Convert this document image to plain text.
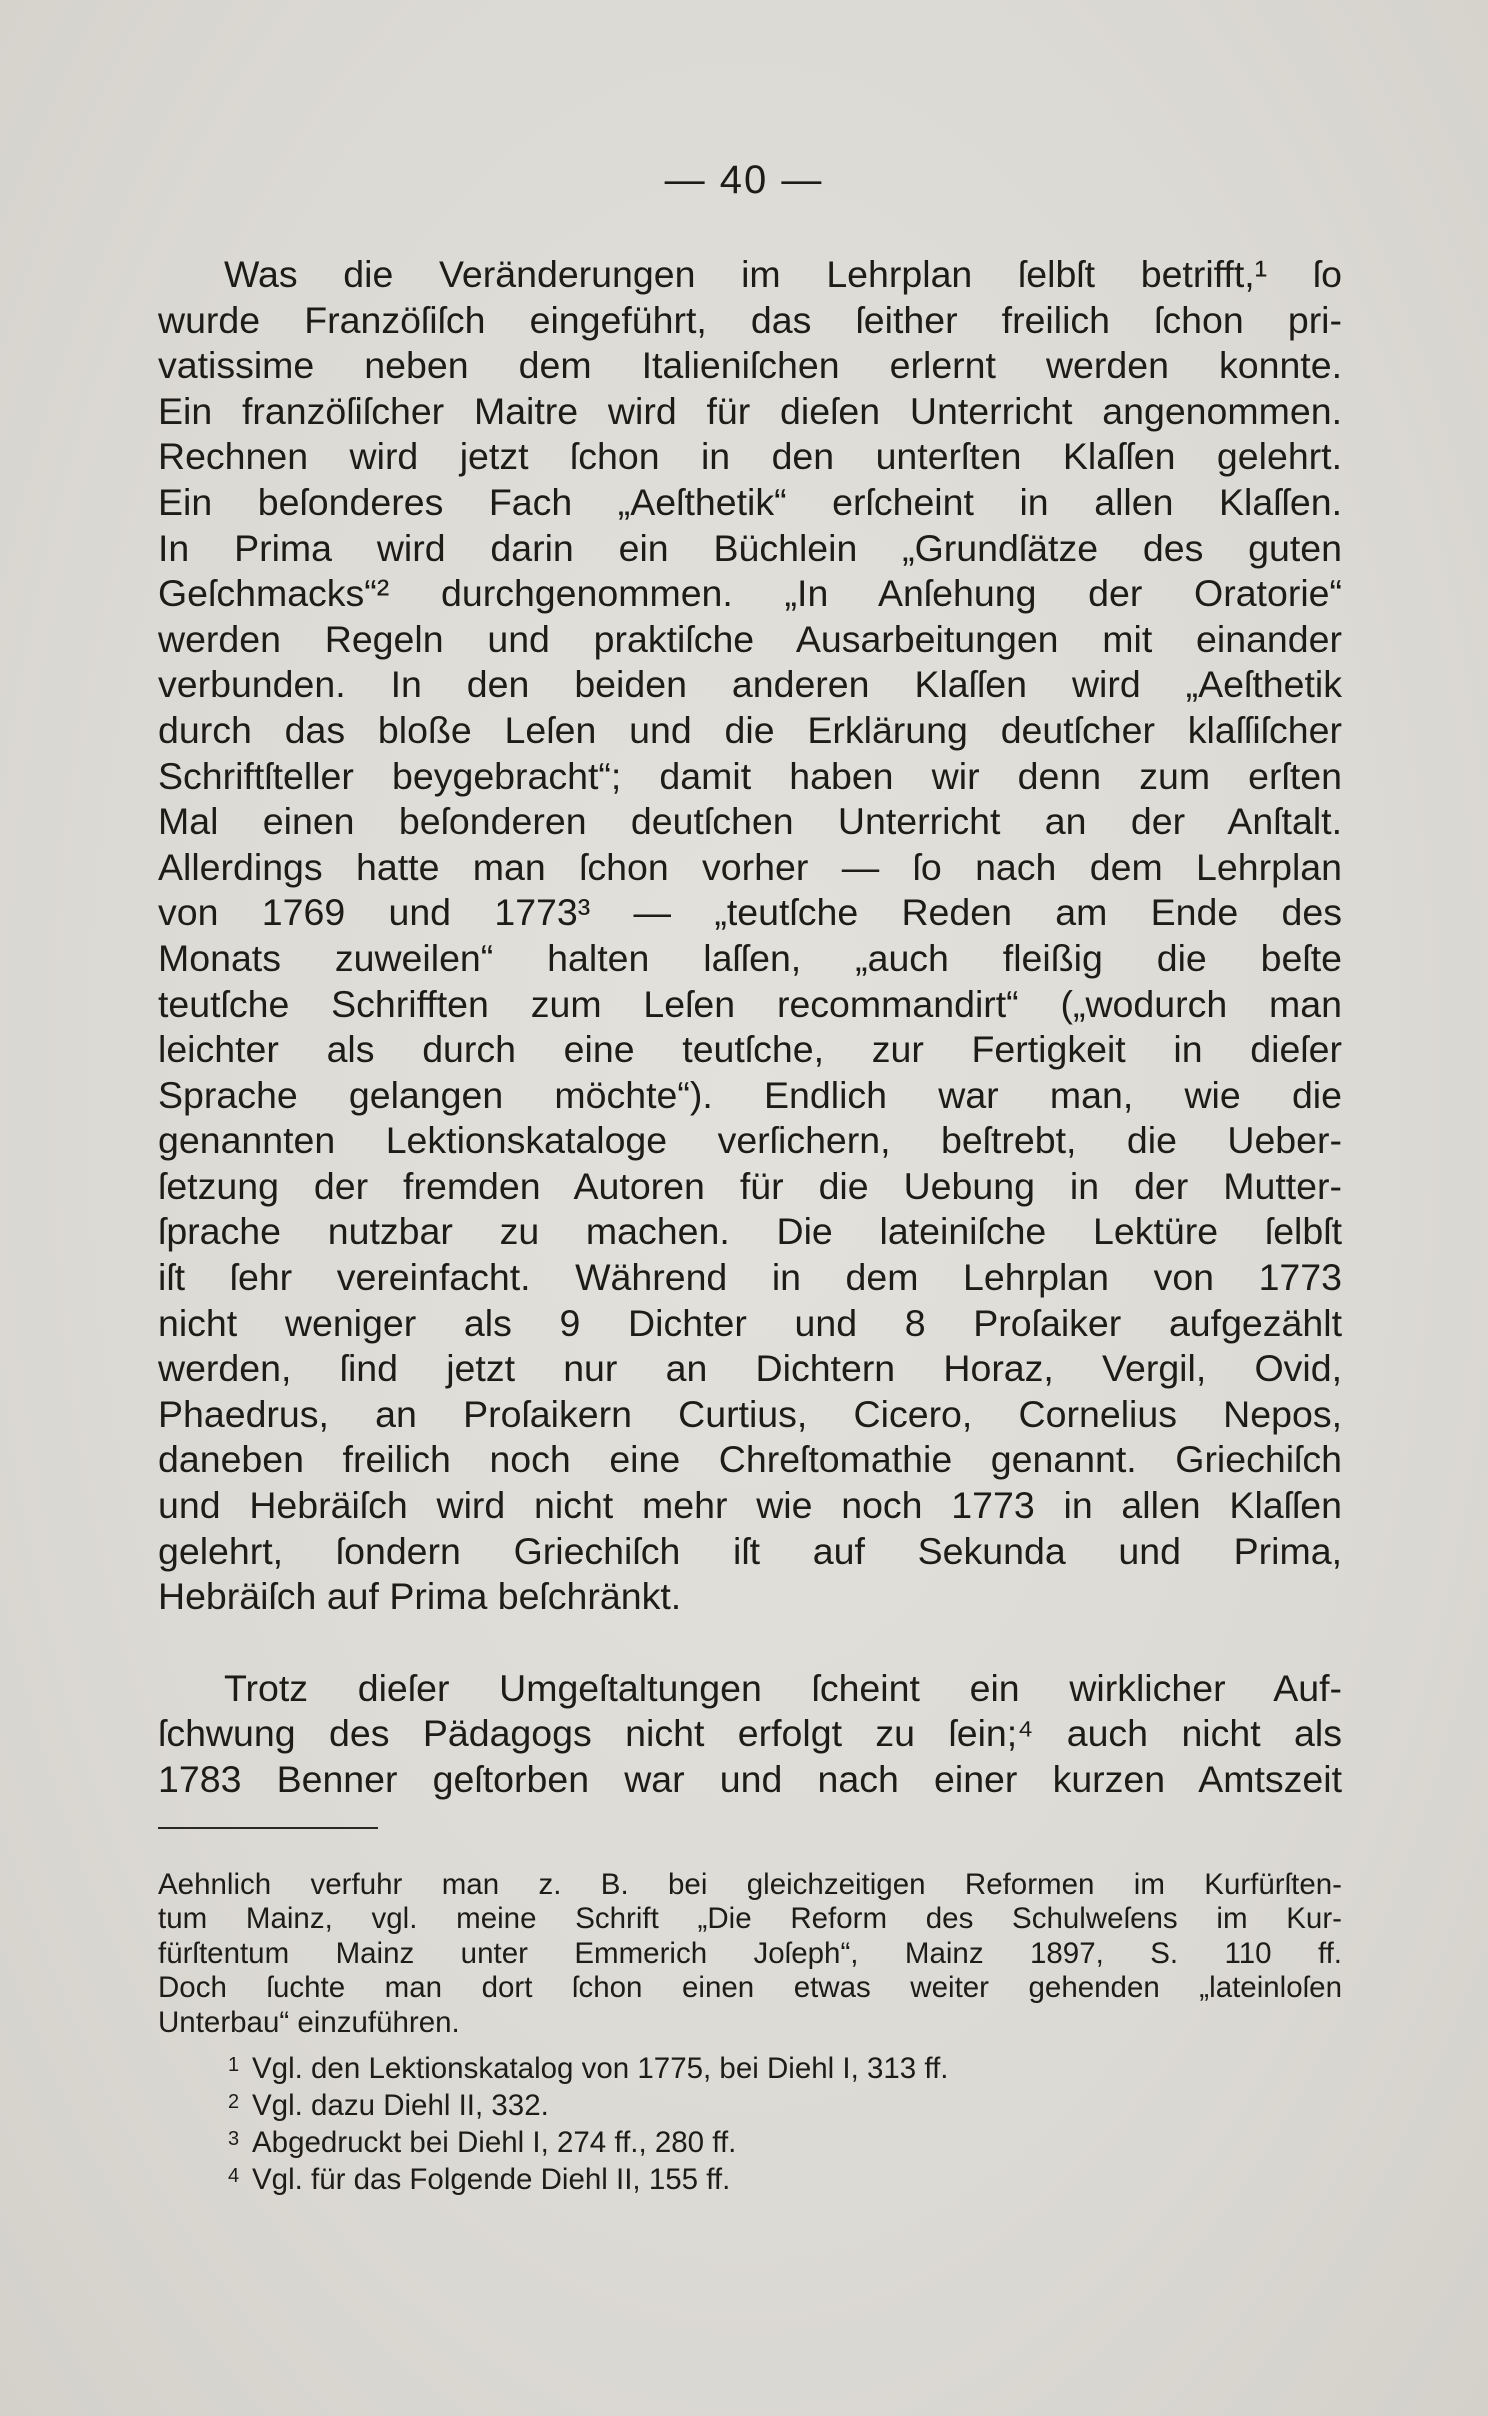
— 40 —
Was die Veränderungen im Lehrplan ſelbſt betrifft,¹ ſo
wurde Franzöſiſch eingeführt, das ſeither freilich ſchon pri-
vatissime neben dem Italieniſchen erlernt werden konnte.
Ein franzöſiſcher Maitre wird für dieſen Unterricht angenommen.
Rechnen wird jetzt ſchon in den unterſten Klaſſen gelehrt.
Ein beſonderes Fach „Aeſthetik“ erſcheint in allen Klaſſen.
In Prima wird darin ein Büchlein „Grundſätze des guten
Geſchmacks“² durchgenommen. „In Anſehung der Oratorie“
werden Regeln und praktiſche Ausarbeitungen mit einander
verbunden. In den beiden anderen Klaſſen wird „Aeſthetik
durch das bloße Leſen und die Erklärung deutſcher klaſſiſcher
Schriftſteller beygebracht“; damit haben wir denn zum erſten
Mal einen beſonderen deutſchen Unterricht an der Anſtalt.
Allerdings hatte man ſchon vorher — ſo nach dem Lehrplan
von 1769 und 1773³ — „teutſche Reden am Ende des
Monats zuweilen“ halten laſſen, „auch fleißig die beſte
teutſche Schrifften zum Leſen recommandirt“ („wodurch man
leichter als durch eine teutſche, zur Fertigkeit in dieſer
Sprache gelangen möchte“). Endlich war man, wie die
genannten Lektionskataloge verſichern, beſtrebt, die Ueber-
ſetzung der fremden Autoren für die Uebung in der Mutter-
ſprache nutzbar zu machen. Die lateiniſche Lektüre ſelbſt
iſt ſehr vereinfacht. Während in dem Lehrplan von 1773
nicht weniger als 9 Dichter und 8 Proſaiker aufgezählt
werden, ſind jetzt nur an Dichtern Horaz, Vergil, Ovid,
Phaedrus, an Proſaikern Curtius, Cicero, Cornelius Nepos,
daneben freilich noch eine Chreſtomathie genannt. Griechiſch
und Hebräiſch wird nicht mehr wie noch 1773 in allen Klaſſen
gelehrt, ſondern Griechiſch iſt auf Sekunda und Prima,
Hebräiſch auf Prima beſchränkt.
Trotz dieſer Umgeſtaltungen ſcheint ein wirklicher Auf-
ſchwung des Pädagogs nicht erfolgt zu ſein;⁴ auch nicht als
1783 Benner geſtorben war und nach einer kurzen Amtszeit
Aehnlich verfuhr man z. B. bei gleichzeitigen Reformen im Kurfürſten-
tum Mainz, vgl. meine Schrift „Die Reform des Schulweſens im Kur-
fürſtentum Mainz unter Emmerich Joſeph“, Mainz 1897, S. 110 ff.
Doch ſuchte man dort ſchon einen etwas weiter gehenden „lateinloſen
Unterbau“ einzuführen.
1 Vgl. den Lektionskatalog von 1775, bei Diehl I, 313 ff.
2 Vgl. dazu Diehl II, 332.
3 Abgedruckt bei Diehl I, 274 ff., 280 ff.
4 Vgl. für das Folgende Diehl II, 155 ff.
